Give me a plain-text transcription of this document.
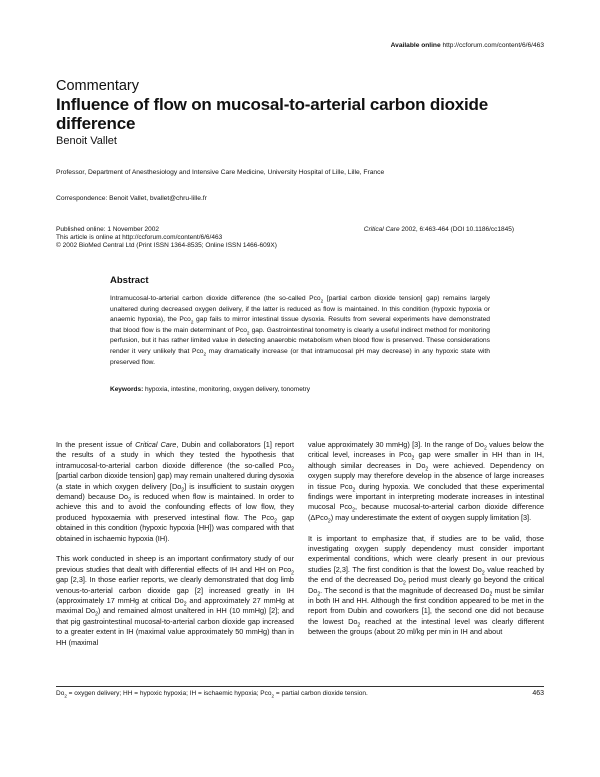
Available online http://ccforum.com/content/6/6/463
Commentary
Influence of flow on mucosal-to-arterial carbon dioxide difference
Benoit Vallet
Professor, Department of Anesthesiology and Intensive Care Medicine, University Hospital of Lille, Lille, France
Correspondence: Benoit Vallet, bvallet@chru-lille.fr
Published online: 1 November 2002
This article is online at http://ccforum.com/content/6/6/463
© 2002 BioMed Central Ltd (Print ISSN 1364-8535; Online ISSN 1466-609X)
Critical Care 2002, 6:463-464 (DOI 10.1186/cc1845)
Abstract
Intramucosal-to-arterial carbon dioxide difference (the so-called Pco$_2$ [partial carbon dioxide tension] gap) remains largely unaltered during decreased oxygen delivery, if the latter is reduced as flow is maintained. In this condition (hypoxic hypoxia or anaemic hypoxia), the Pco$_2$ gap fails to mirror intestinal tissue dysoxia. Results from several experiments have demonstrated that blood flow is the main determinant of Pco$_2$ gap. Gastrointestinal tonometry is clearly a useful indirect method for monitoring perfusion, but it has rather limited value in detecting anaerobic metabolism when blood flow is preserved. These considerations render it very unlikely that Pco$_2$ may dramatically increase (or that intramucosal pH may decrease) in any hypoxic state with preserved flow.
Keywords: hypoxia, intestine, monitoring, oxygen delivery, tonometry

In the present issue of Critical Care, Dubin and collaborators [1] report the results of a study in which they tested the hypothesis that intramucosal-to-arterial carbon dioxide difference (the so-called Pco$_2$ [partial carbon dioxide tension] gap) may remain unaltered during dysoxia (a state in which oxygen delivery $[Do_2]$ is insufficient to sustain oxygen demand) because $Do_2$ is reduced when flow is maintained. In order to achieve this and to avoid the confounding effects of low flow, they produced hypoxaemia with preserved intestinal flow. The Pco$_2$ gap obtained in this condition (hypoxic hypoxia [HH]) was compared with that obtained in ischaemic hypoxia (IH).

This work conducted in sheep is an important confirmatory study of our previous studies that dealt with differential effects of IH and HH on Pco$_2$ gap [2,3]. In those earlier reports, we clearly demonstrated that dog limb venous-to-arterial carbon dioxide gap [2] increased greatly in IH (approximately 17 mmHg at critical $Do_2$ and approximately 27 mmHg at maximal $Do_2$) and remained almost unaltered in HH (10 mmHg) [2]; and that pig gastrointestinal mucosal-to-arterial carbon dioxide gap increased to a greater extent in IH (maximal value approximately 50 mmHg) than in HH (maximal

value approximately 30 mmHg) [3]. In the range of $Do_2$ values below the critical level, increases in Pco$_2$ gap were smaller in HH than in IH, although similar decreases in $Do_2$ were achieved. Dependency on oxygen supply may therefore develop in the absence of large increases in tissue Pco$_2$ during hypoxia. We concluded that these experimental findings were important in interpreting moderate increases in intestinal mucosal Pco$_2$, because mucosal-to-arterial carbon dioxide difference (ΔPco$_2$) may underestimate the extent of oxygen supply limitation [3].

It is important to emphasize that, if studies are to be valid, those investigating oxygen supply dependency must consider important experimental conditions, which were clearly present in our previous studies [2,3]. The first condition is that the lowest $Do_2$ value reached by the end of the decreased $Do_2$ period must clearly go beyond the critical $Do_2$. The second is that the magnitude of decreased $Do_2$ must be similar in both IH and HH. Although the first condition appeared to be met in the report from Dubin and coworkers [1], the second one did not because the lowest $Do_2$ reached at the intestinal level was clearly different between the groups (about 20 ml/kg per min in IH and about

$Do_2$ = oxygen delivery; HH = hypoxic hypoxia; IH = ischaemic hypoxia; Pco$_2$ = partial carbon dioxide tension.	463
